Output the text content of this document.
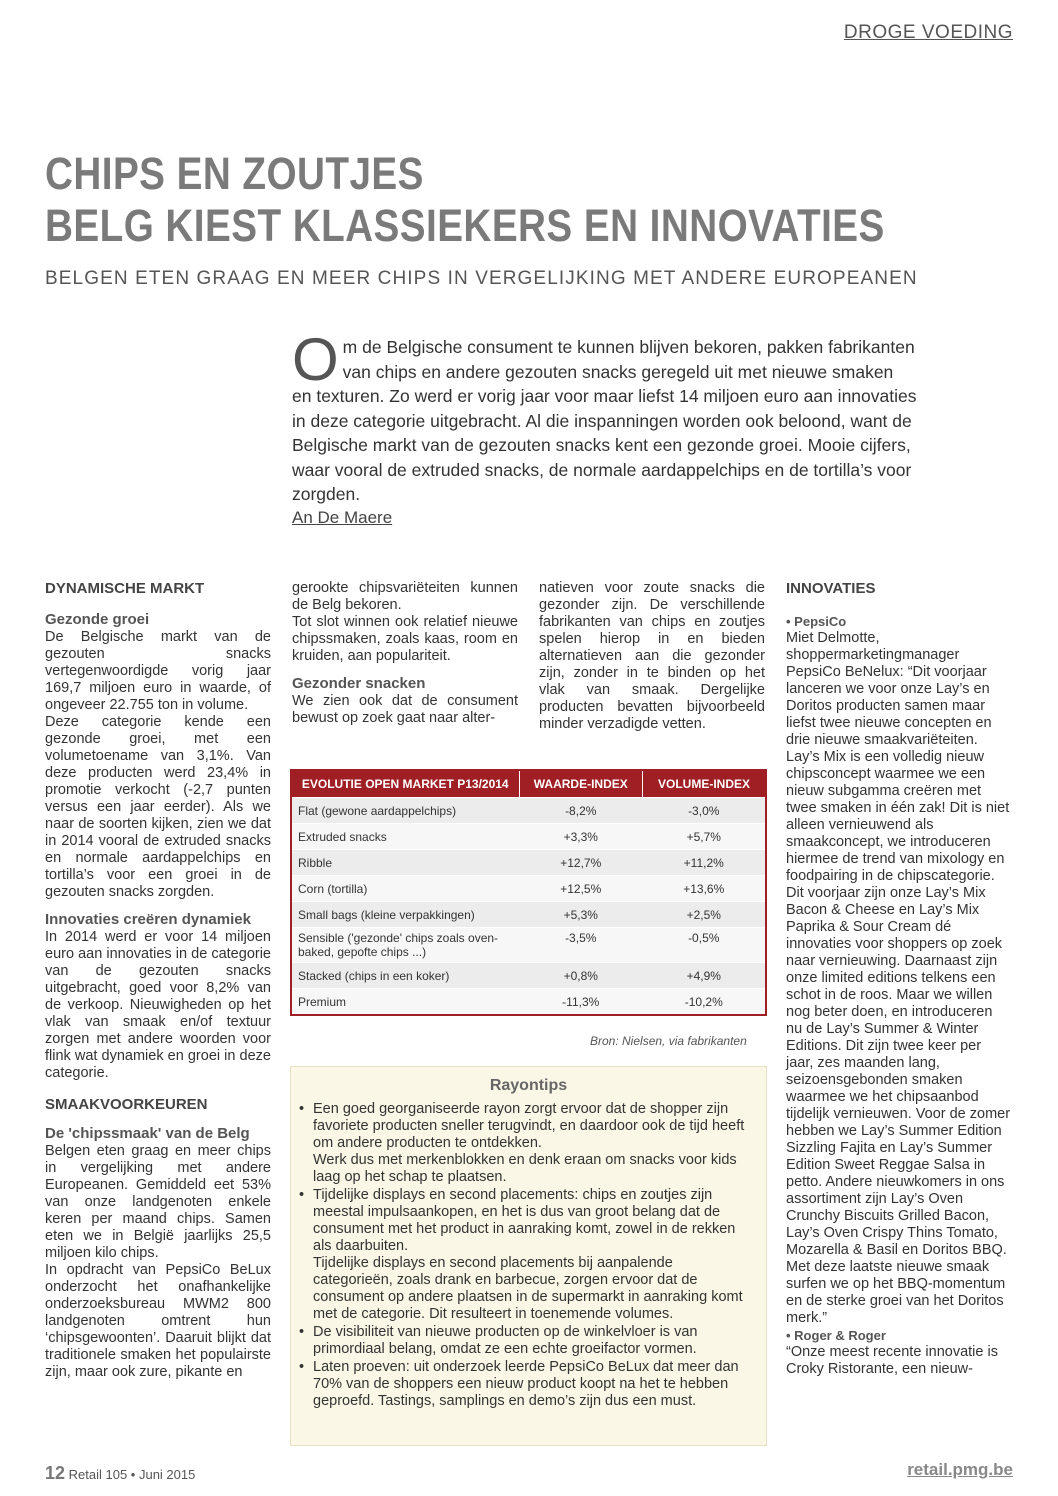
DROGE VOEDING
CHIPS EN ZOUTJES
BELG KIEST KLASSIEKERS EN INNOVATIES
BELGEN ETEN GRAAG EN MEER CHIPS IN VERGELIJKING MET ANDERE EUROPEANEN
Om de Belgische consument te kunnen blijven bekoren, pakken fabrikanten van chips en andere gezouten snacks geregeld uit met nieuwe smaken en texturen. Zo werd er vorig jaar voor maar liefst 14 miljoen euro aan innovaties in deze categorie uitgebracht. Al die inspanningen worden ook beloond, want de Belgische markt van de gezouten snacks kent een gezonde groei. Mooie cijfers, waar vooral de extruded snacks, de normale aardappelchips en de tortilla’s voor zorgden.
An De Maere
DYNAMISCHE MARKT
Gezonde groei

De Belgische markt van de gezouten snacks vertegenwoordigde vorig jaar 169,7 miljoen euro in waarde, of ongeveer 22.755 ton in volume.

Deze categorie kende een gezonde groei, met een volumetoename van 3,1%. Van deze producten werd 23,4% in promotie verkocht (-2,7 punten versus een jaar eerder). Als we naar de soorten kijken, zien we dat in 2014 vooral de extruded snacks en normale aardappelchips en tortilla’s voor een groei in de gezouten snacks zorgden.

Innovaties creëren dynamiek

In 2014 werd er voor 14 miljoen euro aan innovaties in de categorie van de gezouten snacks uitgebracht, goed voor 8,2% van de verkoop. Nieuwigheden op het vlak van smaak en/of textuur zorgen met andere woorden voor flink wat dynamiek en groei in deze categorie.

SMAAKVOORKEUREN
De 'chipssmaak' van de Belg

Belgen eten graag en meer chips in vergelijking met andere Europeanen. Gemiddeld eet 53% van onze landgenoten enkele keren per maand chips. Samen eten we in België jaarlijks 25,5 miljoen kilo chips.

In opdracht van PepsiCo BeLux onderzocht het onafhankelijke onderzoeksbureau MWM2 800 landgenoten omtrent hun ‘chipsgewoonten’. Daaruit blijkt dat traditionele smaken het populairste zijn, maar ook zure, pikante en

gerookte chipsvariëteiten kunnen de Belg bekoren.

Tot slot winnen ook relatief nieuwe chipssmaken, zoals kaas, room en kruiden, aan populariteit.

Gezonder snacken

We zien ook dat de consument bewust op zoek gaat naar alter-

natieven voor zoute snacks die gezonder zijn. De verschillende fabrikanten van chips en zoutjes spelen hierop in en bieden alternatieven aan die gezonder zijn, zonder in te binden op het vlak van smaak. Dergelijke producten bevatten bijvoorbeeld minder verzadigde vetten.

EVOLUTIE OPEN MARKET P13/2014	WAARDE-INDEX	VOLUME-INDEX
Flat (gewone aardappelchips)	-8,2%	-3,0%
Extruded snacks	+3,3%	+5,7%
Ribble	+12,7%	+11,2%
Corn (tortilla)	+12,5%	+13,6%
Small bags (kleine verpakkingen)	+5,3%	+2,5%
Sensible ('gezonde' chips zoals oven-baked, gepofte chips ...)	-3,5%	-0,5%
Stacked (chips in een koker)	+0,8%	+4,9%
Premium	-11,3%	-10,2%
Bron: Nielsen, via fabrikanten
Rayontips
• Een goed georganiseerde rayon zorgt ervoor dat de shopper zijn favoriete producten sneller terugvindt, en daardoor ook de tijd heeft om andere producten te ontdekken.

Werk dus met merkenblokken en denk eraan om snacks voor kids laag op het schap te plaatsen.

• Tijdelijke displays en second placements: chips en zoutjes zijn meestal impulsaankopen, en het is dus van groot belang dat de consument met het product in aanraking komt, zowel in de rekken als daarbuiten.

Tijdelijke displays en second placements bij aanpalende categorieën, zoals drank en barbecue, zorgen ervoor dat de consument op andere plaatsen in de supermarkt in aanraking komt met de categorie. Dit resulteert in toenemende volumes.

• De visibiliteit van nieuwe producten op de winkelvloer is van primordiaal belang, omdat ze een echte groeifactor vormen.

• Laten proeven: uit onderzoek leerde PepsiCo BeLux dat meer dan 70% van de shoppers een nieuw product koopt na het te hebben geproefd. Tastings, samplings en demo’s zijn dus een must.

INNOVATIES
• PepsiCo

Miet Delmotte, shoppermarketingmanager PepsiCo BeNelux: “Dit voorjaar lanceren we voor onze Lay’s en Doritos producten samen maar liefst twee nieuwe concepten en drie nieuwe smaakvariëteiten. Lay’s Mix is een volledig nieuw chipsconcept waarmee we een nieuw subgamma creëren met twee smaken in één zak! Dit is niet alleen vernieuwend als smaakconcept, we introduceren hiermee de trend van mixology en foodpairing in de chipscategorie. Dit voorjaar zijn onze Lay’s Mix Bacon & Cheese en Lay’s Mix Paprika & Sour Cream dé innovaties voor shoppers op zoek naar vernieuwing. Daarnaast zijn onze limited editions telkens een schot in de roos. Maar we willen nog beter doen, en introduceren nu de Lay’s Summer & Winter Editions. Dit zijn twee keer per jaar, zes maanden lang, seizoensgebonden smaken waarmee we het chipsaanbod tijdelijk vernieuwen. Voor de zomer hebben we Lay’s Summer Edition Sizzling Fajita en Lay’s Summer Edition Sweet Reggae Salsa in petto. Andere nieuwkomers in ons assortiment zijn Lay’s Oven Crunchy Biscuits Grilled Bacon, Lay’s Oven Crispy Thins Tomato, Mozarella & Basil en Doritos BBQ. Met deze laatste nieuwe smaak surfen we op het BBQ-momentum en de sterke groei van het Doritos merk.”

• Roger & Roger

“Onze meest recente innovatie is Croky Ristorante, een nieuw-

12 Retail 105 • Juni 2015	retail.pmg.be
